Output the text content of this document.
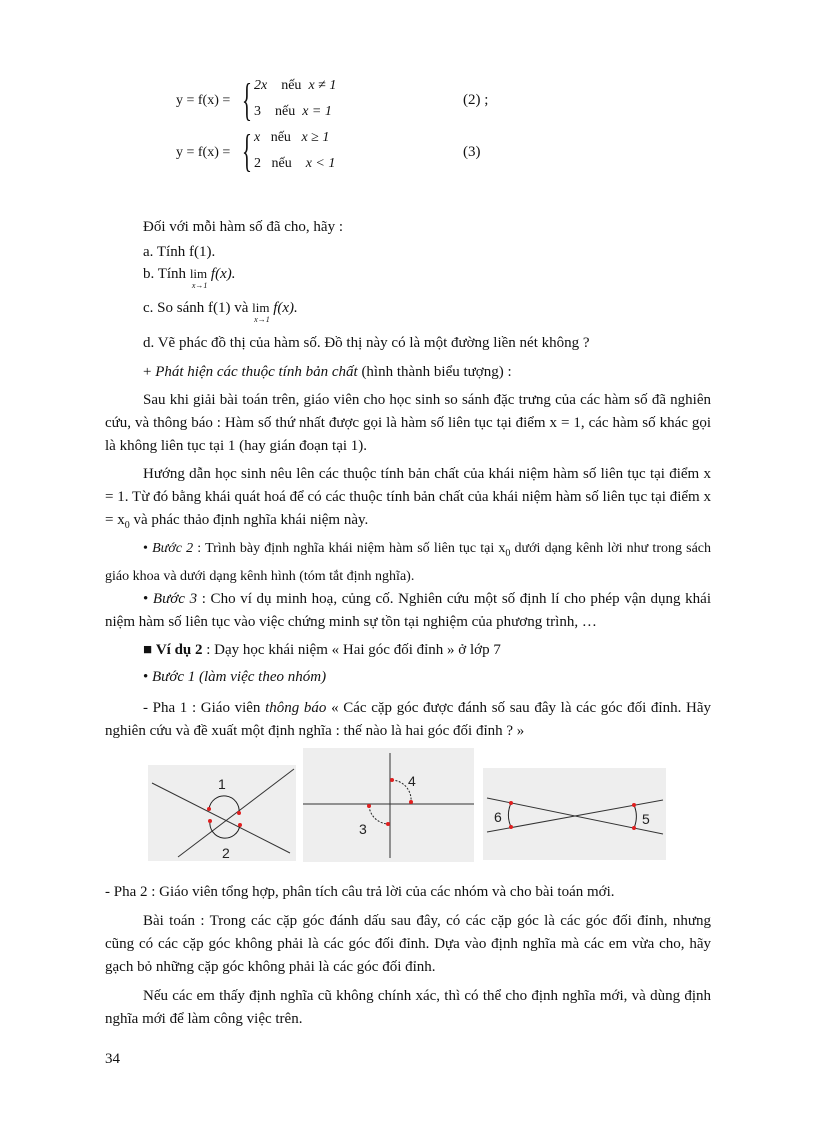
y = f(x) = { 2x nếu x ≠ 1
3 nếu x = 1
(2) ;
y = f(x) = { x nếu x ≥ 1
2 nếu x < 1
(3)
Đối với mỗi hàm số đã cho, hãy :
a. Tính f(1).
b. Tính lim
x→1
f(x).
c. So sánh f(1) và lim
x→1
f(x).
d. Vẽ phác đồ thị của hàm số. Đồ thị này có là một đường liền nét không ?
+ Phát hiện các thuộc tính bản chất (hình thành biểu tượng) :
Sau khi giải bài toán trên, giáo viên cho học sinh so sánh đặc trưng của các hàm số đã nghiên cứu, và thông báo : Hàm số thứ nhất được gọi là hàm số liên tục tại điểm x = 1, các hàm số khác gọi là không liên tục tại 1 (hay gián đoạn tại 1).
Hướng dẫn học sinh nêu lên các thuộc tính bản chất của khái niệm hàm số liên tục tại điểm x = 1. Từ đó bằng khái quát hoá để có các thuộc tính bản chất của khái niệm hàm số liên tục tại điểm $x = x_0$ và phác thảo định nghĩa khái niệm này.
• Bước 2 : Trình bày định nghĩa khái niệm hàm số liên tục tại $x_0$ dưới dạng kênh lời như trong sách giáo khoa và dưới dạng kênh hình (tóm tắt định nghĩa).
• Bước 3 : Cho ví dụ minh hoạ, củng cố. Nghiên cứu một số định lí cho phép vận dụng khái niệm hàm số liên tục vào việc chứng minh sự tồn tại nghiệm của phương trình, …
■ Ví dụ 2 : Dạy học khái niệm « Hai góc đối đỉnh » ở lớp 7
• Bước 1 (làm việc theo nhóm)
- Pha 1 : Giáo viên thông báo « Các cặp góc được đánh số sau đây là các góc đối đỉnh. Hãy nghiên cứu và đề xuất một định nghĩa : thế nào là hai góc đối đỉnh ? »
1
2
4
3
6	5
- Pha 2 : Giáo viên tổng hợp, phân tích câu trả lời của các nhóm và cho bài toán mới.
Bài toán : Trong các cặp góc đánh dấu sau đây, có các cặp góc là các góc đối đỉnh, nhưng cũng có các cặp góc không phải là các góc đối đỉnh. Dựa vào định nghĩa mà các em vừa cho, hãy gạch bỏ những cặp góc không phải là các góc đối đỉnh.
Nếu các em thấy định nghĩa cũ không chính xác, thì có thể cho định nghĩa mới, và dùng định nghĩa mới để làm công việc trên.
34
